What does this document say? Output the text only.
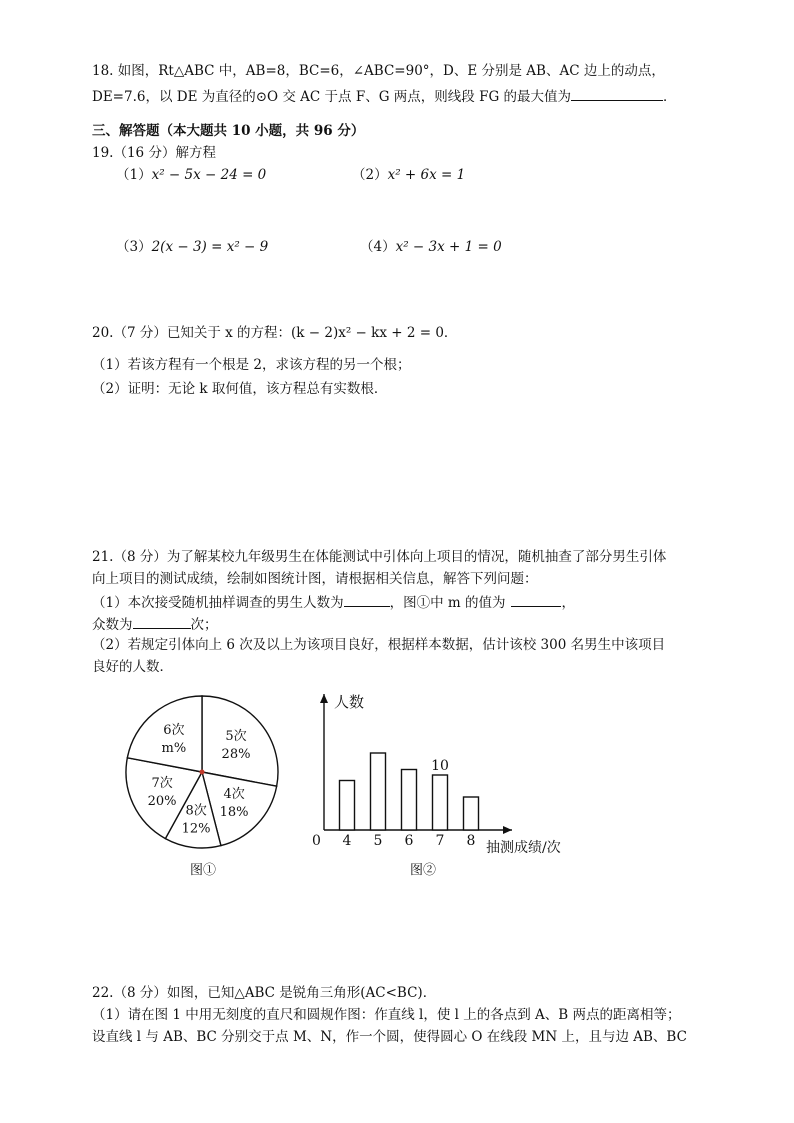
18. 如图，Rt△ABC 中，AB=8，BC=6，∠ABC=90°，D、E 分别是 AB、AC 边上的动点，
DE=7.6，以 DE 为直径的⊙O 交 AC 于点 F、G 两点，则线段 FG 的最大值为	．
三、解答题（本大题共 10 小题，共 96 分）
19.（16 分）解方程
（1）x² − 5x − 24 = 0	（2）x² + 6x = 1
（3）2(x − 3) = x² − 9	（4）x² − 3x + 1 = 0
20.（7 分）已知关于 x 的方程：(k − 2)x² − kx + 2 = 0．
（1）若该方程有一个根是 2，求该方程的另一个根；
（2）证明：无论 k 取何值，该方程总有实数根．
21.（8 分）为了解某校九年级男生在体能测试中引体向上项目的情况，随机抽查了部分男生引体
向上项目的测试成绩，绘制如图统计图，请根据相关信息，解答下列问题：
（1）本次接受随机抽样调查的男生人数为	，图①中 m 的值为	，
众数为	次；
（2）若规定引体向上 6 次及以上为该项目良好，根据样本数据，估计该校 300 名男生中该项目
良好的人数．
5次
28%
4次
18%
8次
12%
7次
20%
6次
m%
图①
人数
抽测成绩/次
0 4 5 6 7
10
8
图②
22.（8 分）如图，已知△ABC 是锐角三角形(AC<BC)．
（1）请在图 1 中用无刻度的直尺和圆规作图：作直线 l，使 l 上的各点到 A、B 两点的距离相等；
设直线 l 与 AB、BC 分别交于点 M、N，作一个圆，使得圆心 O 在线段 MN 上，且与边 AB、BC
